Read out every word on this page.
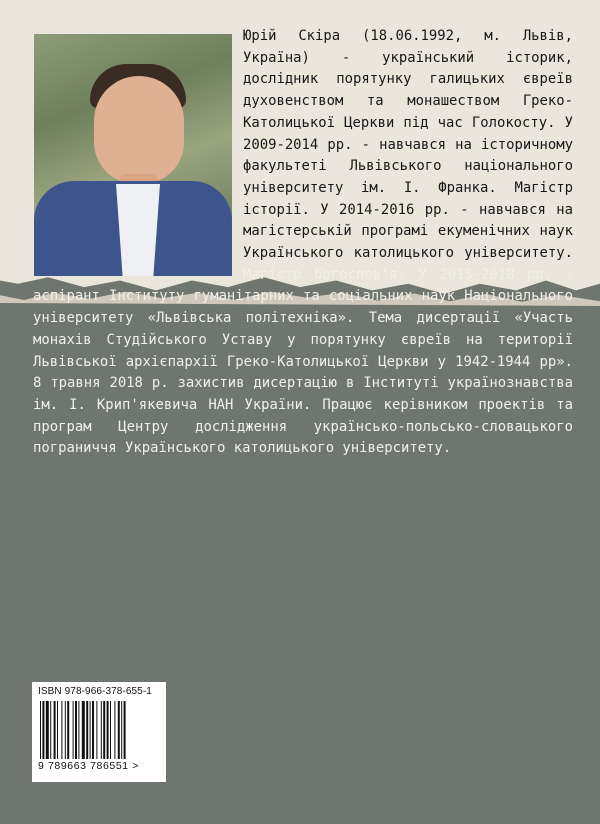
Юрій Скіра (18.06.1992, м. Львів, Україна) - український історик, дослідник порятунку галицьких євреїв духовенством та монашеством Греко-Католицької Церкви під час Голокосту. У 2009-2014 рр. - навчався на історичному факультеті Львівського національного університету ім. І. Франка. Магістр історії. У 2014-2016 рр. - навчався на магістерській програмі екуменічних наук Українського католицького університету. Магістр богослов'я. У 2015-2018 рр. - аспірант Інституту гуманітарних та соціальних наук Національного університету «Львівська політехніка». Тема дисертації «Участь монахів Студійського Уставу у порятунку євреїв на території Львівської архієпархії Греко-Католицької Церкви у 1942-1944 рр». 8 травня 2018 р. захистив дисертацію в Інституті українознавства ім. І. Крип'якевича НАН України. Працює керівником проектів та програм Центру дослідження українсько-польсько-словацького пограниччя Українського католицького університету.

ISBN 978-966-378-655-1
9 789663 786551 >
